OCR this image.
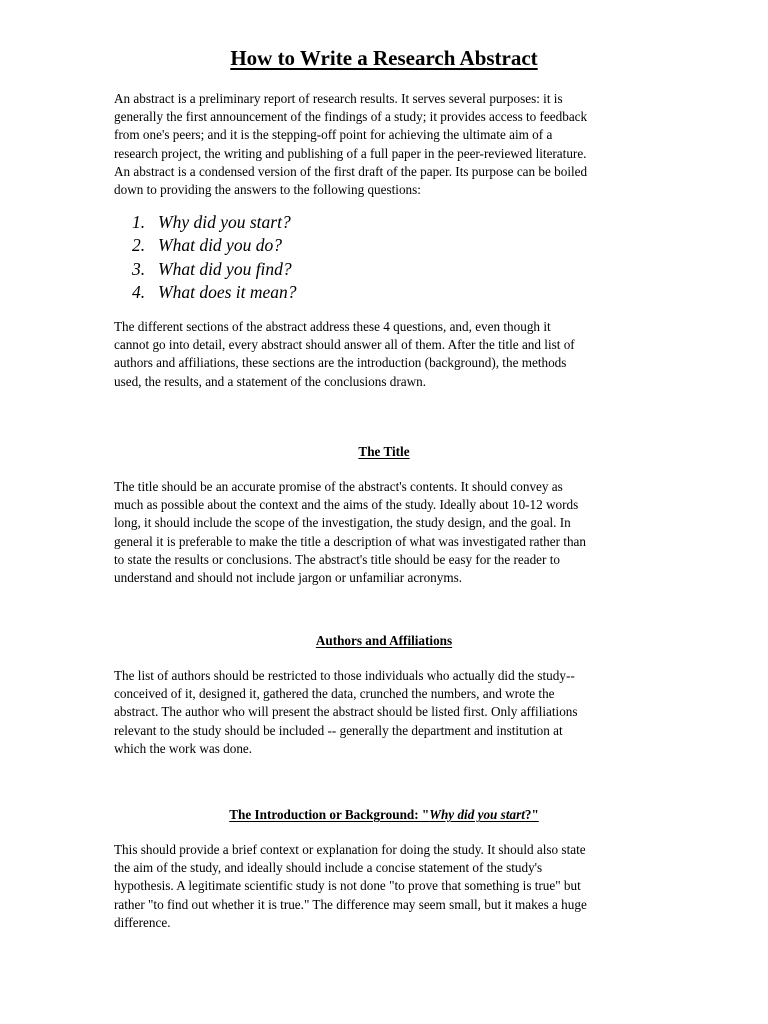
How to Write a Research Abstract

An abstract is a preliminary report of research results. It serves several purposes: it is
generally the first announcement of the findings of a study; it provides access to feedback
from one's peers; and it is the stepping-off point for achieving the ultimate aim of a
research project, the writing and publishing of a full paper in the peer-reviewed literature.
An abstract is a condensed version of the first draft of the paper. Its purpose can be boiled
down to providing the answers to the following questions:

1. Why did you start?
2. What did you do?
3. What did you find?
4. What does it mean?

The different sections of the abstract address these 4 questions, and, even though it
cannot go into detail, every abstract should answer all of them. After the title and list of
authors and affiliations, these sections are the introduction (background), the methods
used, the results, and a statement of the conclusions drawn.

The Title

The title should be an accurate promise of the abstract's contents. It should convey as
much as possible about the context and the aims of the study. Ideally about 10-12 words
long, it should include the scope of the investigation, the study design, and the goal. In
general it is preferable to make the title a description of what was investigated rather than
to state the results or conclusions. The abstract's title should be easy for the reader to
understand and should not include jargon or unfamiliar acronyms.

Authors and Affiliations

The list of authors should be restricted to those individuals who actually did the study--
conceived of it, designed it, gathered the data, crunched the numbers, and wrote the
abstract. The author who will present the abstract should be listed first. Only affiliations
relevant to the study should be included -- generally the department and institution at
which the work was done.

The Introduction or Background: "Why did you start?"

This should provide a brief context or explanation for doing the study. It should also state
the aim of the study, and ideally should include a concise statement of the study's
hypothesis. A legitimate scientific study is not done "to prove that something is true" but
rather "to find out whether it is true." The difference may seem small, but it makes a huge
difference.
